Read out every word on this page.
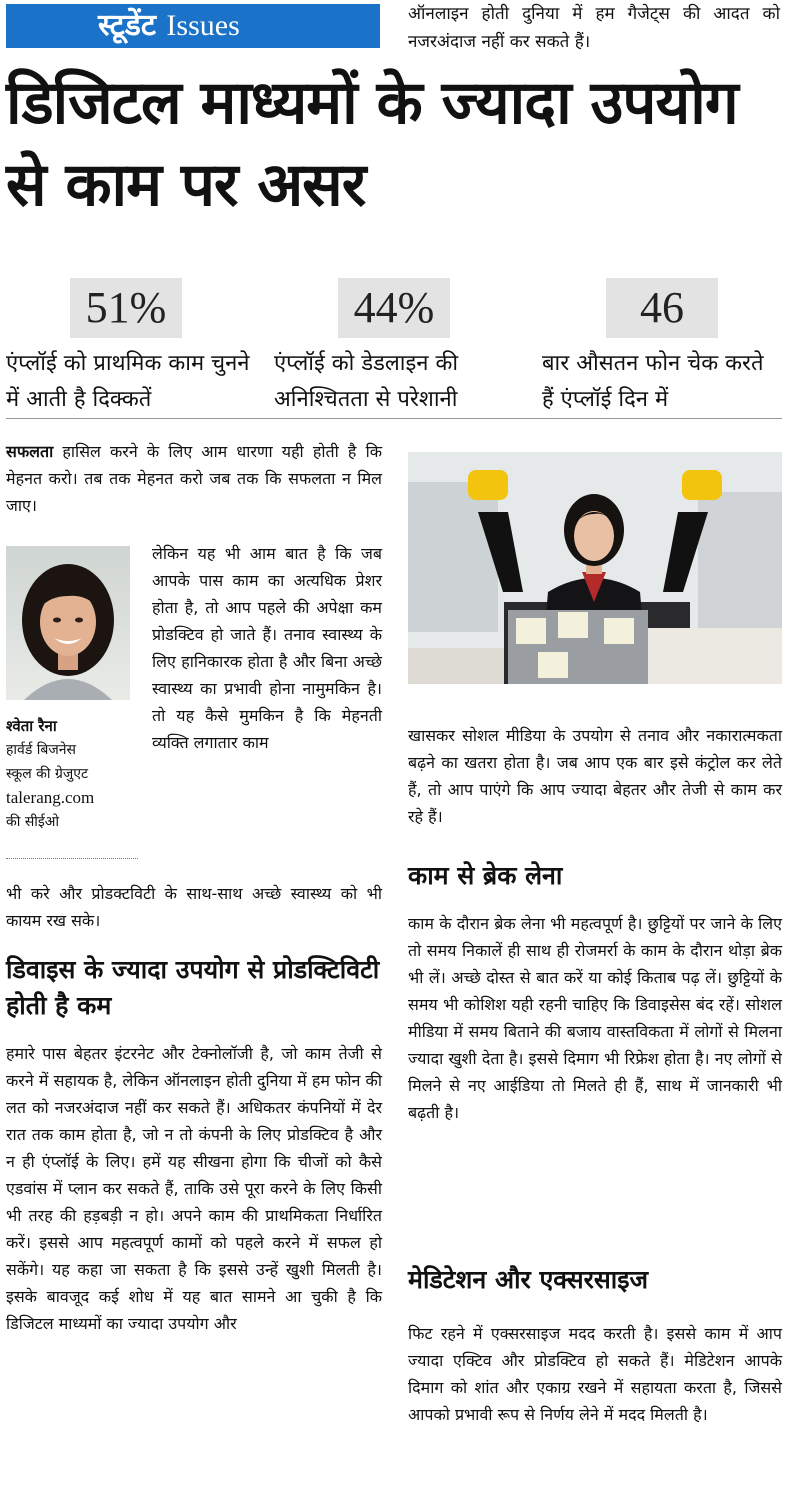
स्टूडेंट Issues	ऑनलाइन होती दुनिया में हम गैजेट्स की आदत को नजरअंदाज नहीं कर सकते हैं।
डिजिटल माध्यमों के ज्यादा उपयोग से काम पर असर
51%	44%	46
एंप्लॉई को प्राथमिक काम चुनने में आती है दिक्कतें
एंप्लॉई को डेडलाइन की अनिश्चितता से परेशानी
बार औसतन फोन चेक करते हैं एंप्लॉई दिन में
सफलता हासिल करने के लिए आम धारणा यही होती है कि मेहनत करो। तब तक मेहनत करो जब तक कि सफलता न मिल जाए।
लेकिन यह भी आम बात है कि जब आपके पास काम का अत्यधिक प्रेशर होता है, तो आप पहले की अपेक्षा कम प्रोडक्टिव हो जाते हैं। तनाव स्वास्थ्य के लिए हानिकारक होता है और बिना अच्छे स्वास्थ्य का प्रभावी होना नामुमकिन है। तो यह कैसे मुमकिन है कि मेहनती व्यक्ति लगातार काम
श्वेता रैना
हार्वर्ड बिजनेस
स्कूल की ग्रेजुएट
talerang.com
की सीईओ
भी करे और प्रोडक्टविटी के साथ-साथ अच्छे स्वास्थ्य को भी कायम रख सके।
डिवाइस के ज्यादा उपयोग से प्रोडक्टिविटी होती है कम
हमारे पास बेहतर इंटरनेट और टेक्नोलॉजी है, जो काम तेजी से करने में सहायक है, लेकिन ऑनलाइन होती दुनिया में हम फोन की लत को नजरअंदाज नहीं कर सकते हैं। अधिकतर कंपनियों में देर रात तक काम होता है, जो न तो कंपनी के लिए प्रोडक्टिव है और न ही एंप्लॉई के लिए। हमें यह सीखना होगा कि चीजों को कैसे एडवांस में प्लान कर सकते हैं, ताकि उसे पूरा करने के लिए किसी भी तरह की हड़बड़ी न हो। अपने काम की प्राथमिकता निर्धारित करें। इससे आप महत्वपूर्ण कामों को पहले करने में सफल हो सकेंगे। यह कहा जा सकता है कि इससे उन्हें खुशी मिलती है। इसके बावजूद कई शोध में यह बात सामने आ चुकी है कि डिजिटल माध्यमों का ज्यादा उपयोग और
खासकर सोशल मीडिया के उपयोग से तनाव और नकारात्मकता बढ़ने का खतरा होता है। जब आप एक बार इसे कंट्रोल कर लेते हैं, तो आप पाएंगे कि आप ज्यादा बेहतर और तेजी से काम कर रहे हैं।
काम से ब्रेक लेना
काम के दौरान ब्रेक लेना भी महत्वपूर्ण है। छुट्टियों पर जाने के लिए तो समय निकालें ही साथ ही रोजमर्रा के काम के दौरान थोड़ा ब्रेक भी लें। अच्छे दोस्त से बात करें या कोई किताब पढ़ लें। छुट्टियों के समय भी कोशिश यही रहनी चाहिए कि डिवाइसेस बंद रहें। सोशल मीडिया में समय बिताने की बजाय वास्तविकता में लोगों से मिलना ज्यादा खुशी देता है। इससे दिमाग भी रिफ्रेश होता है। नए लोगों से मिलने से नए आईडिया तो मिलते ही हैं, साथ में जानकारी भी बढ़ती है।
मेडिटेशन और एक्सरसाइज
फिट रहने में एक्सरसाइज मदद करती है। इससे काम में आप ज्यादा एक्टिव और प्रोडक्टिव हो सकते हैं। मेडिटेशन आपके दिमाग को शांत और एकाग्र रखने में सहायता करता है, जिससे आपको प्रभावी रूप से निर्णय लेने में मदद मिलती है।
